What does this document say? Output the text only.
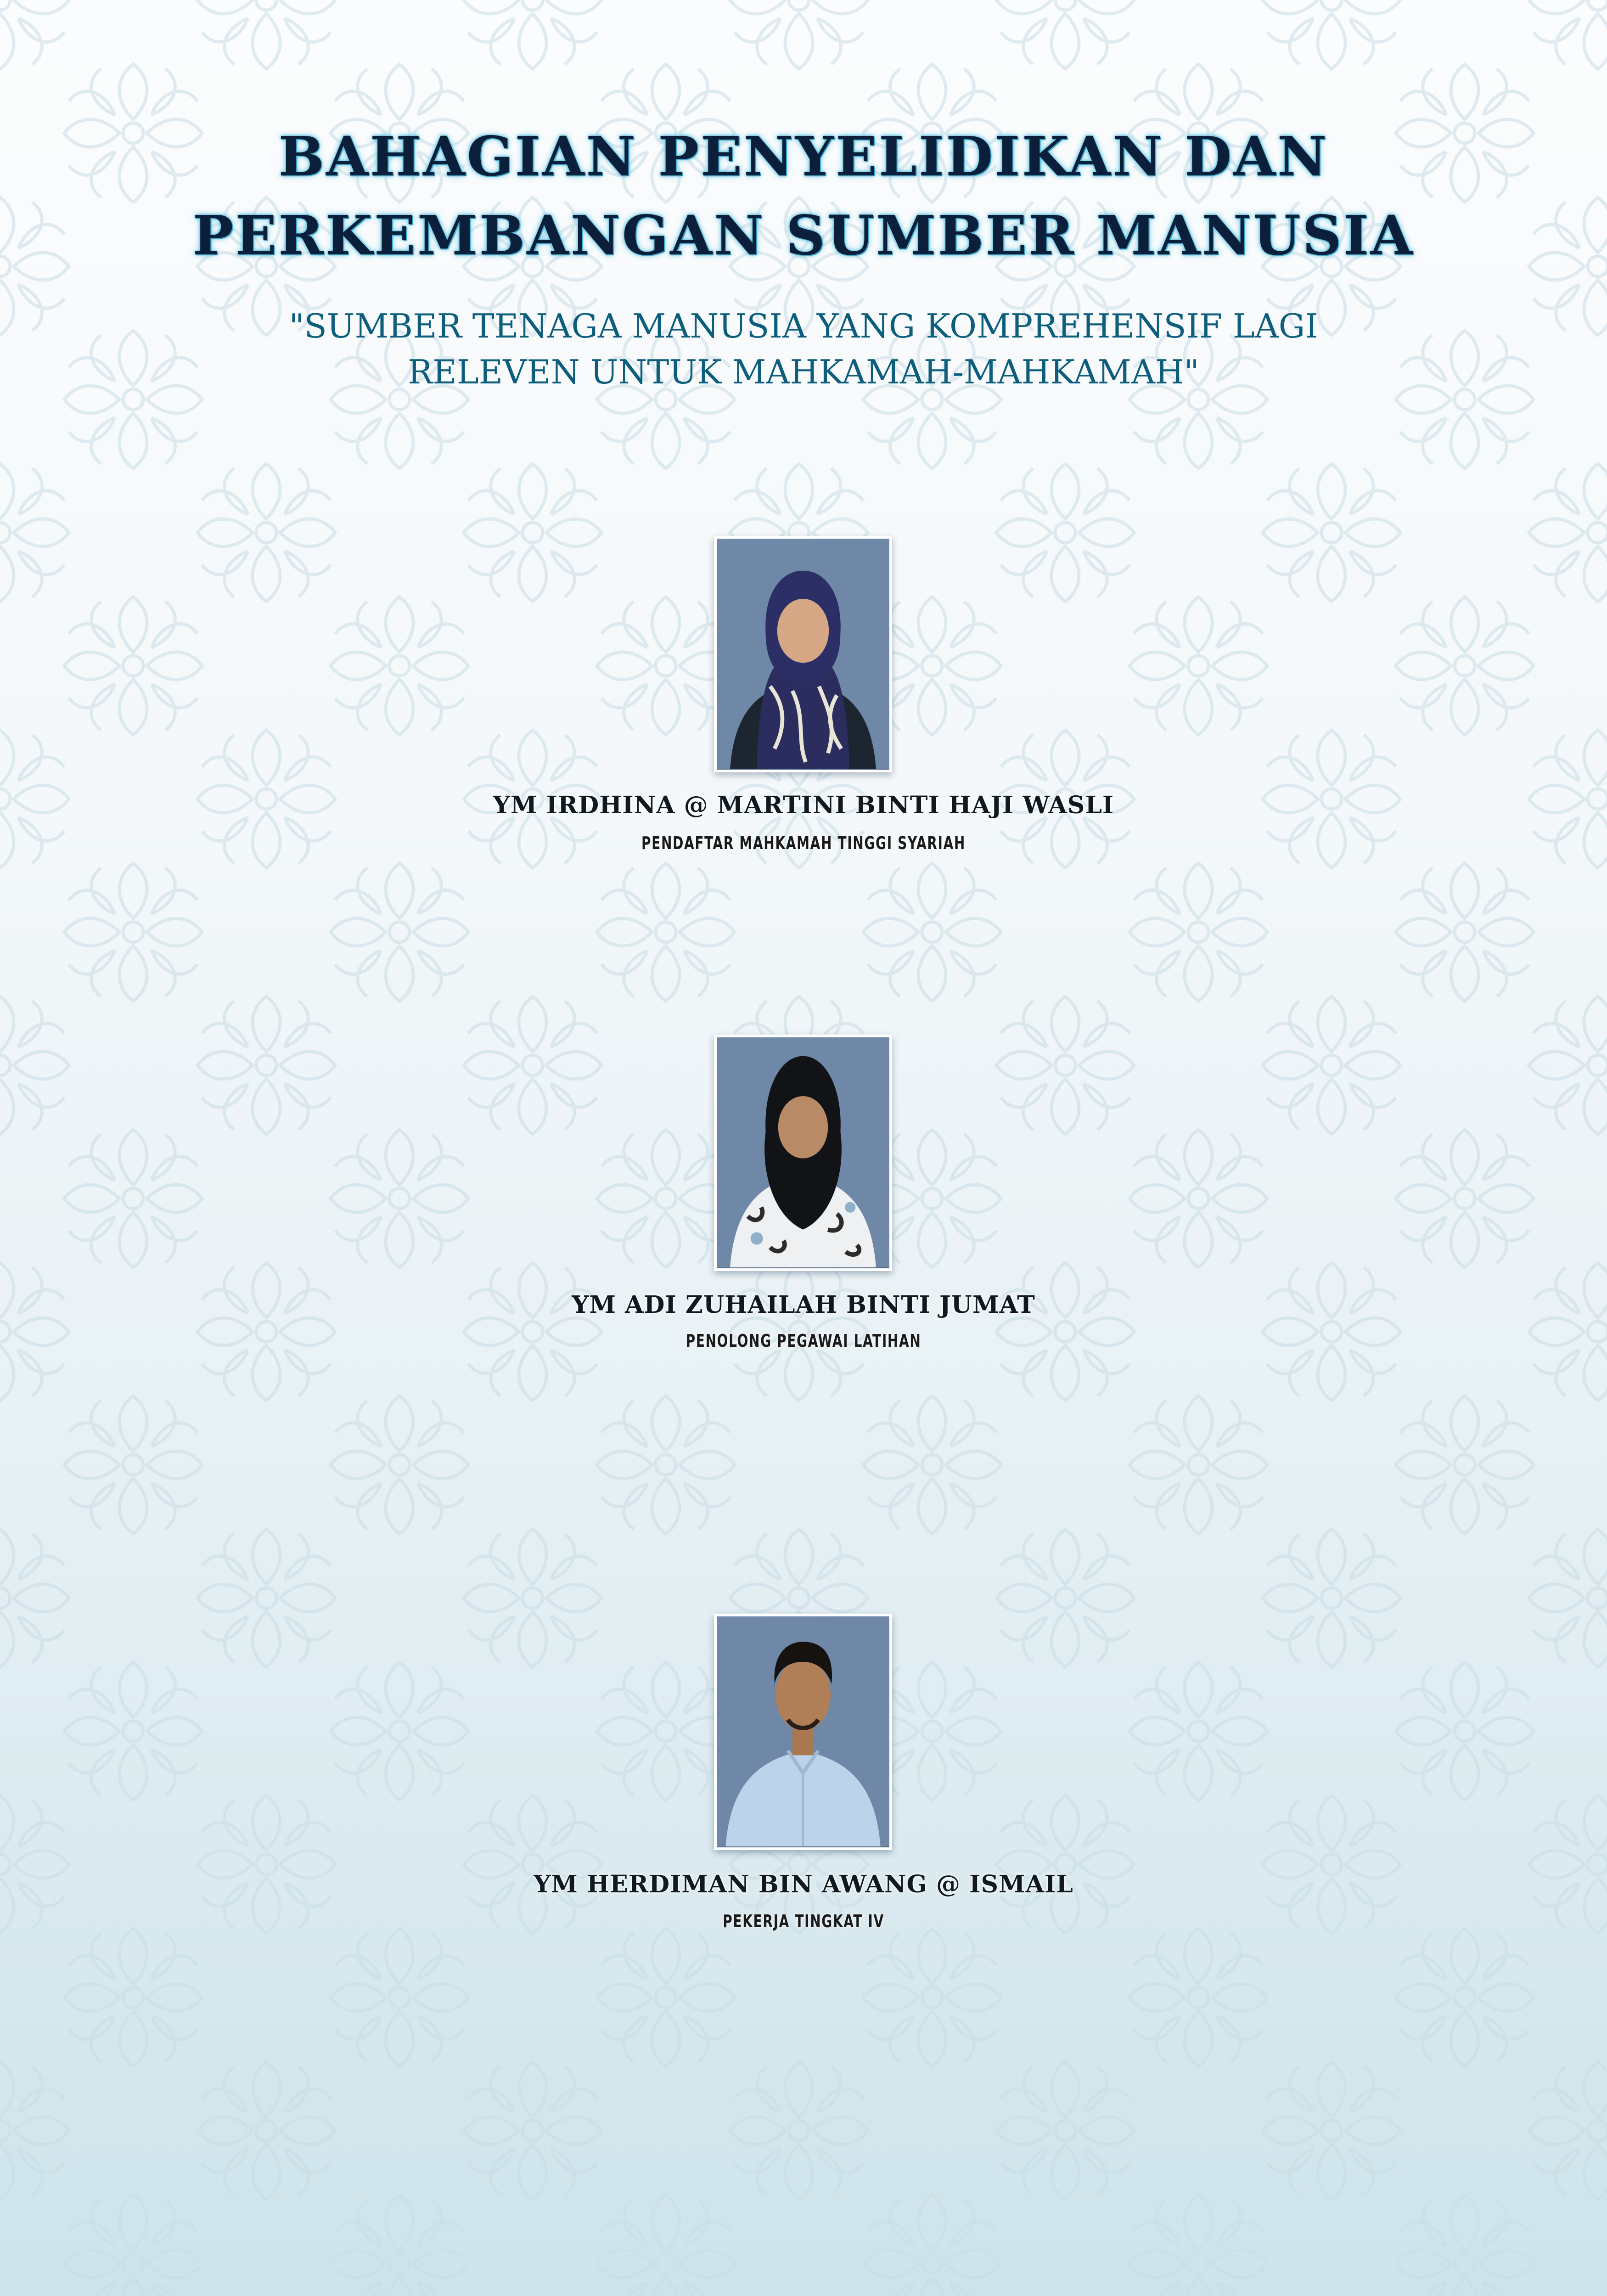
BAHAGIAN PENYELIDIKAN DAN
PERKEMBANGAN SUMBER MANUSIA

"SUMBER TENAGA MANUSIA YANG KOMPREHENSIF LAGI
RELEVEN UNTUK MAHKAMAH-MAHKAMAH"

YM IRDHINA @ MARTINI BINTI HAJI WASLI
PENDAFTAR MAHKAMAH TINGGI SYARIAH
YM ADI ZUHAILAH BINTI JUMAT
PENOLONG PEGAWAI LATIHAN
YM HERDIMAN BIN AWANG @ ISMAIL
PEKERJA TINGKAT IV
